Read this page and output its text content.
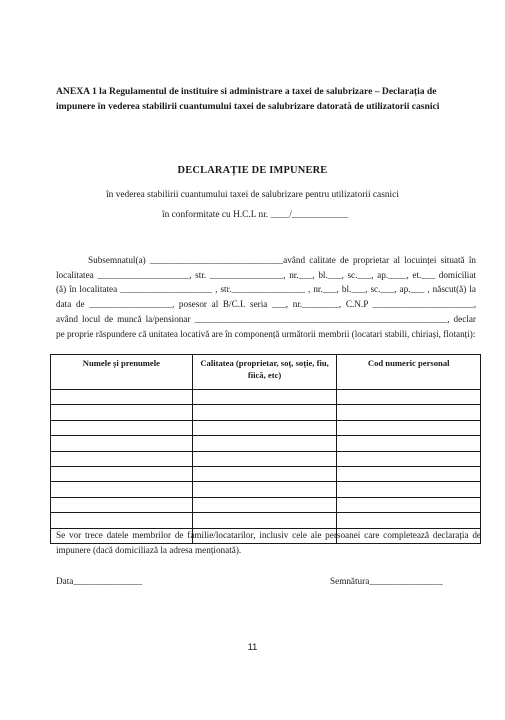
ANEXA 1 la Regulamentul de instituire si administrare a taxei de salubrizare – Declarația de impunere în vederea stabilirii cuantumului taxei de salubrizare datorată de utilizatorii casnici
DECLARAȚIE DE IMPUNERE
în vederea stabilirii cuantumului taxei de salubrizare pentru utilizatorii casnici
în conformitate cu H.C.L nr. ____/____________
Subsemnatul(a) _____________________________având calitate de proprietar al locuinței situată în localitatea ____________________, str. ________________, nr.___, bl.___, sc.___, ap.____, et.___ domiciliat (ă) în localitatea ____________________ , str.________________ , nr.___, bl.___, sc.___, ap.___ , născut(ă) la data de __________________, posesor al B/C.I. seria ___, nr.________, C.N.P ______________________, având locul de muncă la/pensionar _______________________________________________________, declar pe proprie răspundere că unitatea locativă are în componență următorii membrii (locatari stabili, chiriași, flotanți):
Numele și prenumele	Calitatea (proprietar, soț, soție, fiu, fiică, etc)	Cod numeric personal

Se vor trece datele membrilor de familie/locatarilor, inclusiv cele ale persoanei care completează declarația de impunere (dacă domiciliază la adresa menționată).
Data_______________	Semnătura________________
11
